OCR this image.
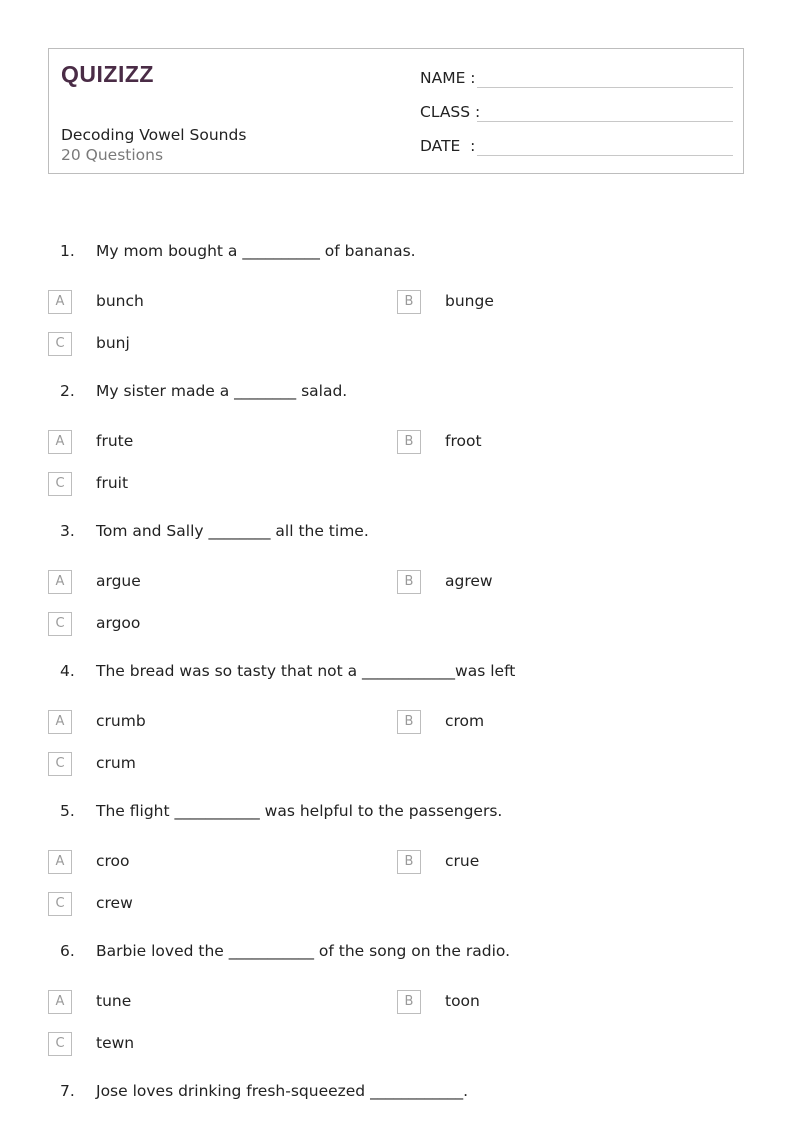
QUIZIZZ
Decoding Vowel Sounds
20 Questions
NAME :
CLASS :
DATE  :
1. My mom bought a __________ of bananas.
A	bunch	B	bunge
C	bunj
2. My sister made a ________ salad.
A	frute	B	froot
C	fruit
3. Tom and Sally ________ all the time.
A	argue	B	agrew
C	argoo
4. The bread was so tasty that not a ____________was left
A	crumb	B	crom
C	crum
5. The flight ___________ was helpful to the passengers.
A	croo	B	crue
C	crew
6. Barbie loved the ___________ of the song on the radio.
A	tune	B	toon
C	tewn
7. Jose loves drinking fresh-squeezed ____________.
